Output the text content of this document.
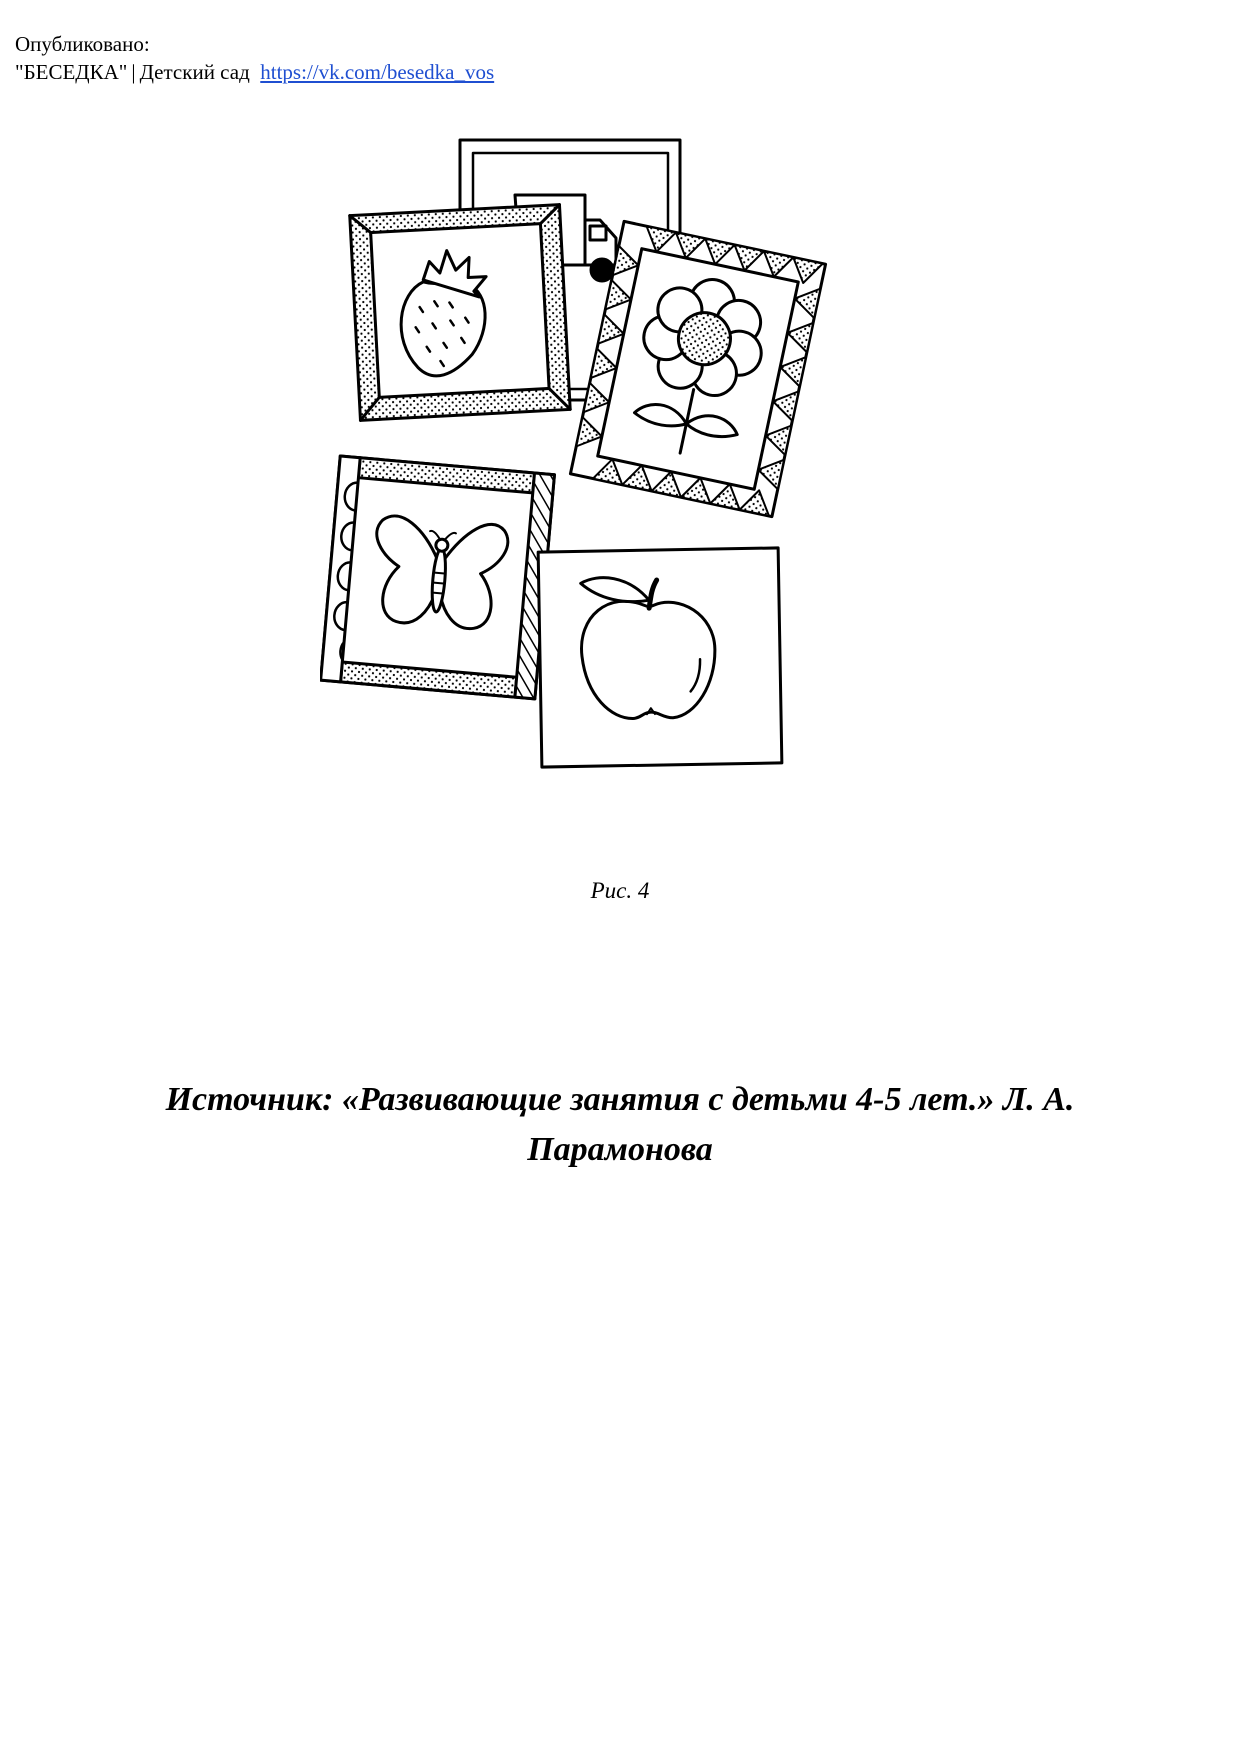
Опубликовано:
"БЕСЕДКА" | Детский сад https://vk.com/besedka_vos
Рис. 4
Источник: «Развивающие занятия с детьми 4-5 лет.» Л. А.
Парамонова
